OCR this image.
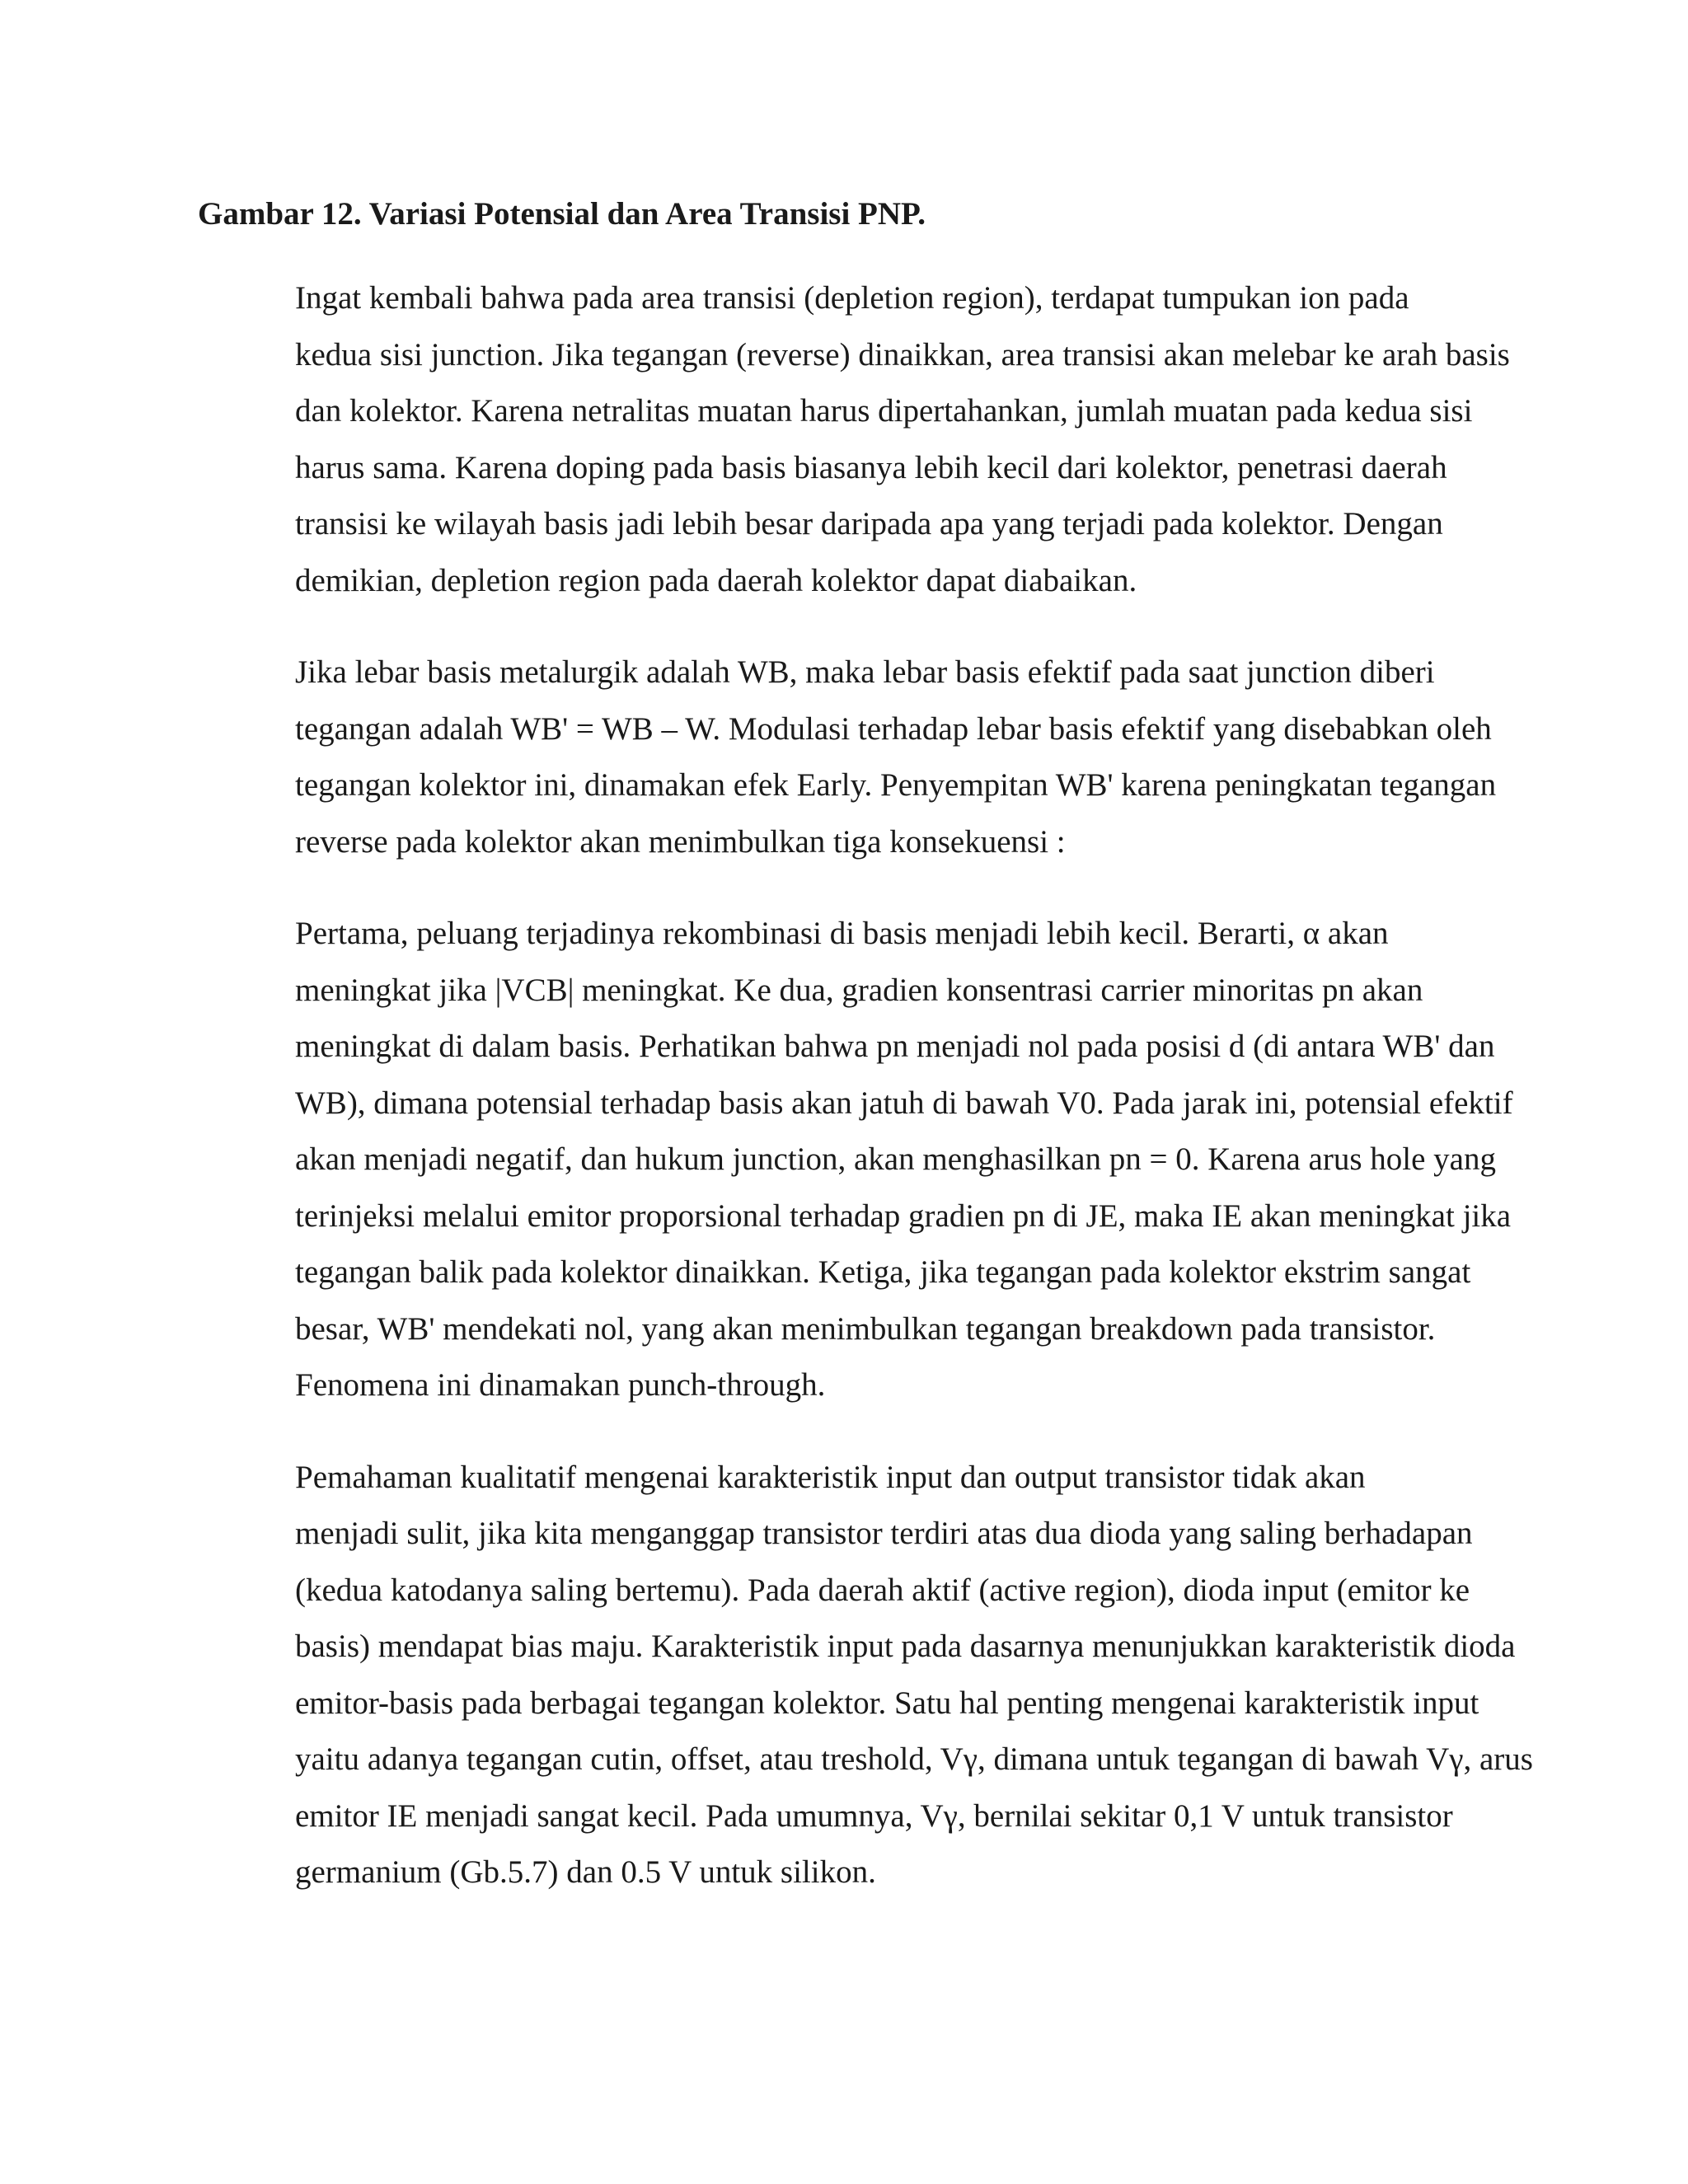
Gambar 12. Variasi Potensial dan Area Transisi PNP.

Ingat kembali bahwa pada area transisi (depletion region), terdapat tumpukan ion pada
kedua sisi junction. Jika tegangan (reverse) dinaikkan, area transisi akan melebar ke arah basis
dan kolektor. Karena netralitas muatan harus dipertahankan, jumlah muatan pada kedua sisi
harus sama. Karena doping pada basis biasanya lebih kecil dari kolektor, penetrasi daerah
transisi ke wilayah basis jadi lebih besar daripada apa yang terjadi pada kolektor. Dengan
demikian, depletion region pada daerah kolektor dapat diabaikan.

Jika lebar basis metalurgik adalah WB, maka lebar basis efektif pada saat junction diberi
tegangan adalah WB' = WB – W. Modulasi terhadap lebar basis efektif yang disebabkan oleh
tegangan kolektor ini, dinamakan efek Early. Penyempitan WB' karena peningkatan tegangan
reverse pada kolektor akan menimbulkan tiga konsekuensi :

Pertama, peluang terjadinya rekombinasi di basis menjadi lebih kecil. Berarti, α akan
meningkat jika |VCB| meningkat. Ke dua, gradien konsentrasi carrier minoritas pn akan
meningkat di dalam basis. Perhatikan bahwa pn menjadi nol pada posisi d (di antara WB' dan
WB), dimana potensial terhadap basis akan jatuh di bawah V0. Pada jarak ini, potensial efektif
akan menjadi negatif, dan hukum junction, akan menghasilkan pn = 0. Karena arus hole yang
terinjeksi melalui emitor proporsional terhadap gradien pn di JE, maka IE akan meningkat jika
tegangan balik pada kolektor dinaikkan. Ketiga, jika tegangan pada kolektor ekstrim sangat
besar, WB' mendekati nol, yang akan menimbulkan tegangan breakdown pada transistor.
Fenomena ini dinamakan punch-through.

Pemahaman kualitatif mengenai karakteristik input dan output transistor tidak akan
menjadi sulit, jika kita menganggap transistor terdiri atas dua dioda yang saling berhadapan
(kedua katodanya saling bertemu). Pada daerah aktif (active region), dioda input (emitor ke
basis) mendapat bias maju. Karakteristik input pada dasarnya menunjukkan karakteristik dioda
emitor-basis pada berbagai tegangan kolektor. Satu hal penting mengenai karakteristik input
yaitu adanya tegangan cutin, offset, atau treshold, Vγ, dimana untuk tegangan di bawah Vγ, arus
emitor IE menjadi sangat kecil. Pada umumnya, Vγ, bernilai sekitar 0,1 V untuk transistor
germanium (Gb.5.7) dan 0.5 V untuk silikon.
